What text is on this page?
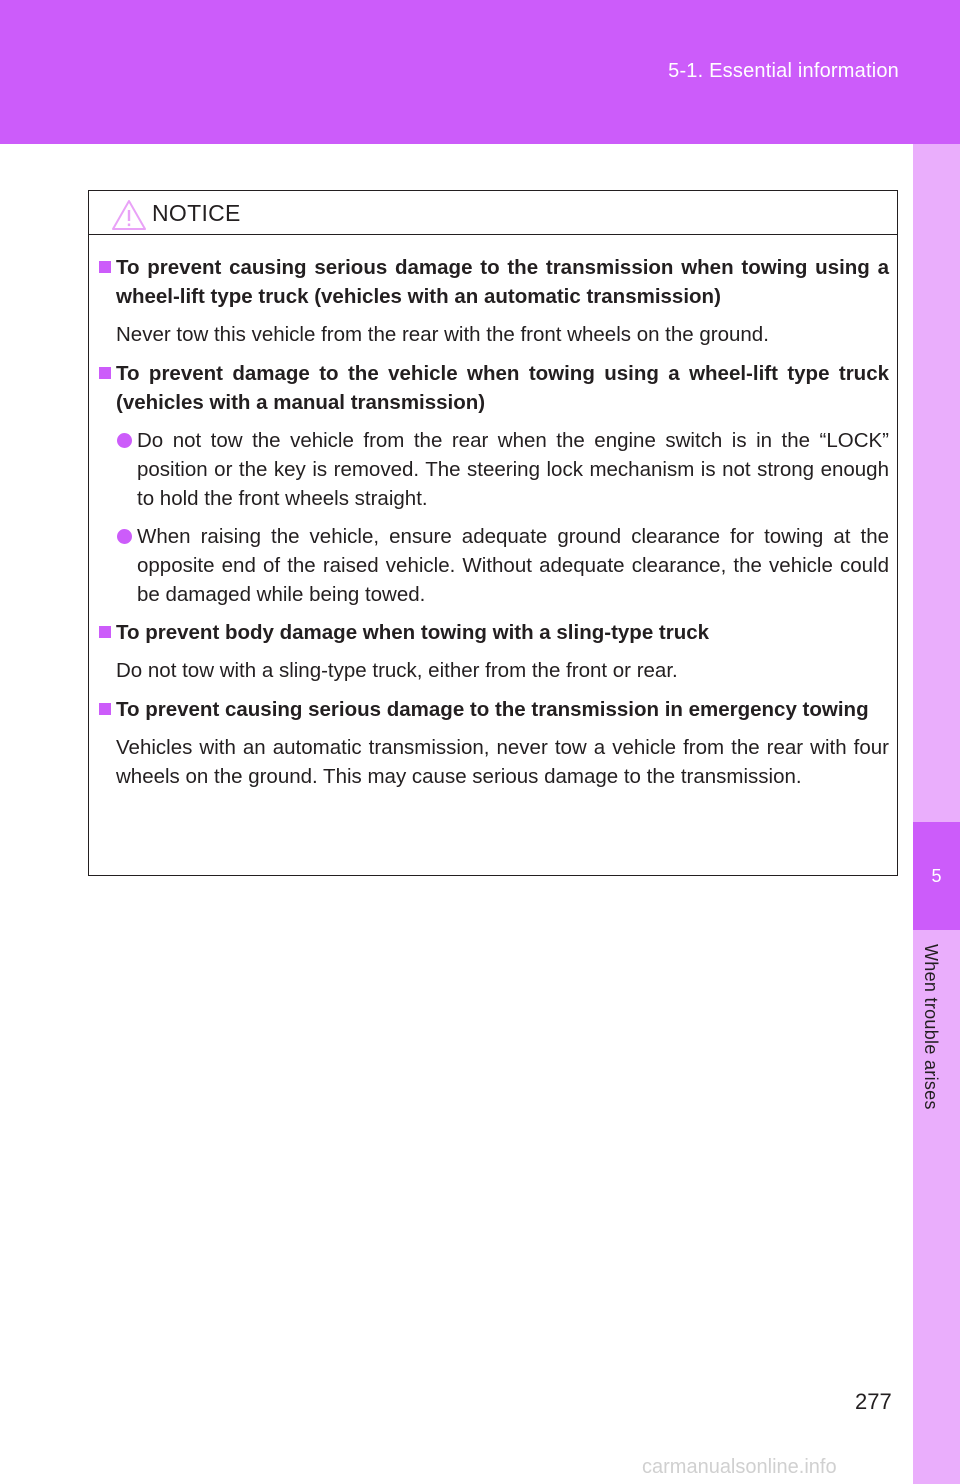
5-1. Essential information
5
When trouble arises
NOTICE
To prevent causing serious damage to the transmission when towing using a wheel-lift type truck (vehicles with an automatic transmission)
Never tow this vehicle from the rear with the front wheels on the ground.
To prevent damage to the vehicle when towing using a wheel-lift type truck (vehicles with a manual transmission)
Do not tow the vehicle from the rear when the engine switch is in the “LOCK” position or the key is removed. The steering lock mechanism is not strong enough to hold the front wheels straight.
When raising the vehicle, ensure adequate ground clearance for towing at the opposite end of the raised vehicle. Without adequate clearance, the vehicle could be damaged while being towed.
To prevent body damage when towing with a sling-type truck
Do not tow with a sling-type truck, either from the front or rear.
To prevent causing serious damage to the transmission in emergency towing
Vehicles with an automatic transmission, never tow a vehicle from the rear with four wheels on the ground. This may cause serious damage to the transmission.
277
carmanualsonline.info
